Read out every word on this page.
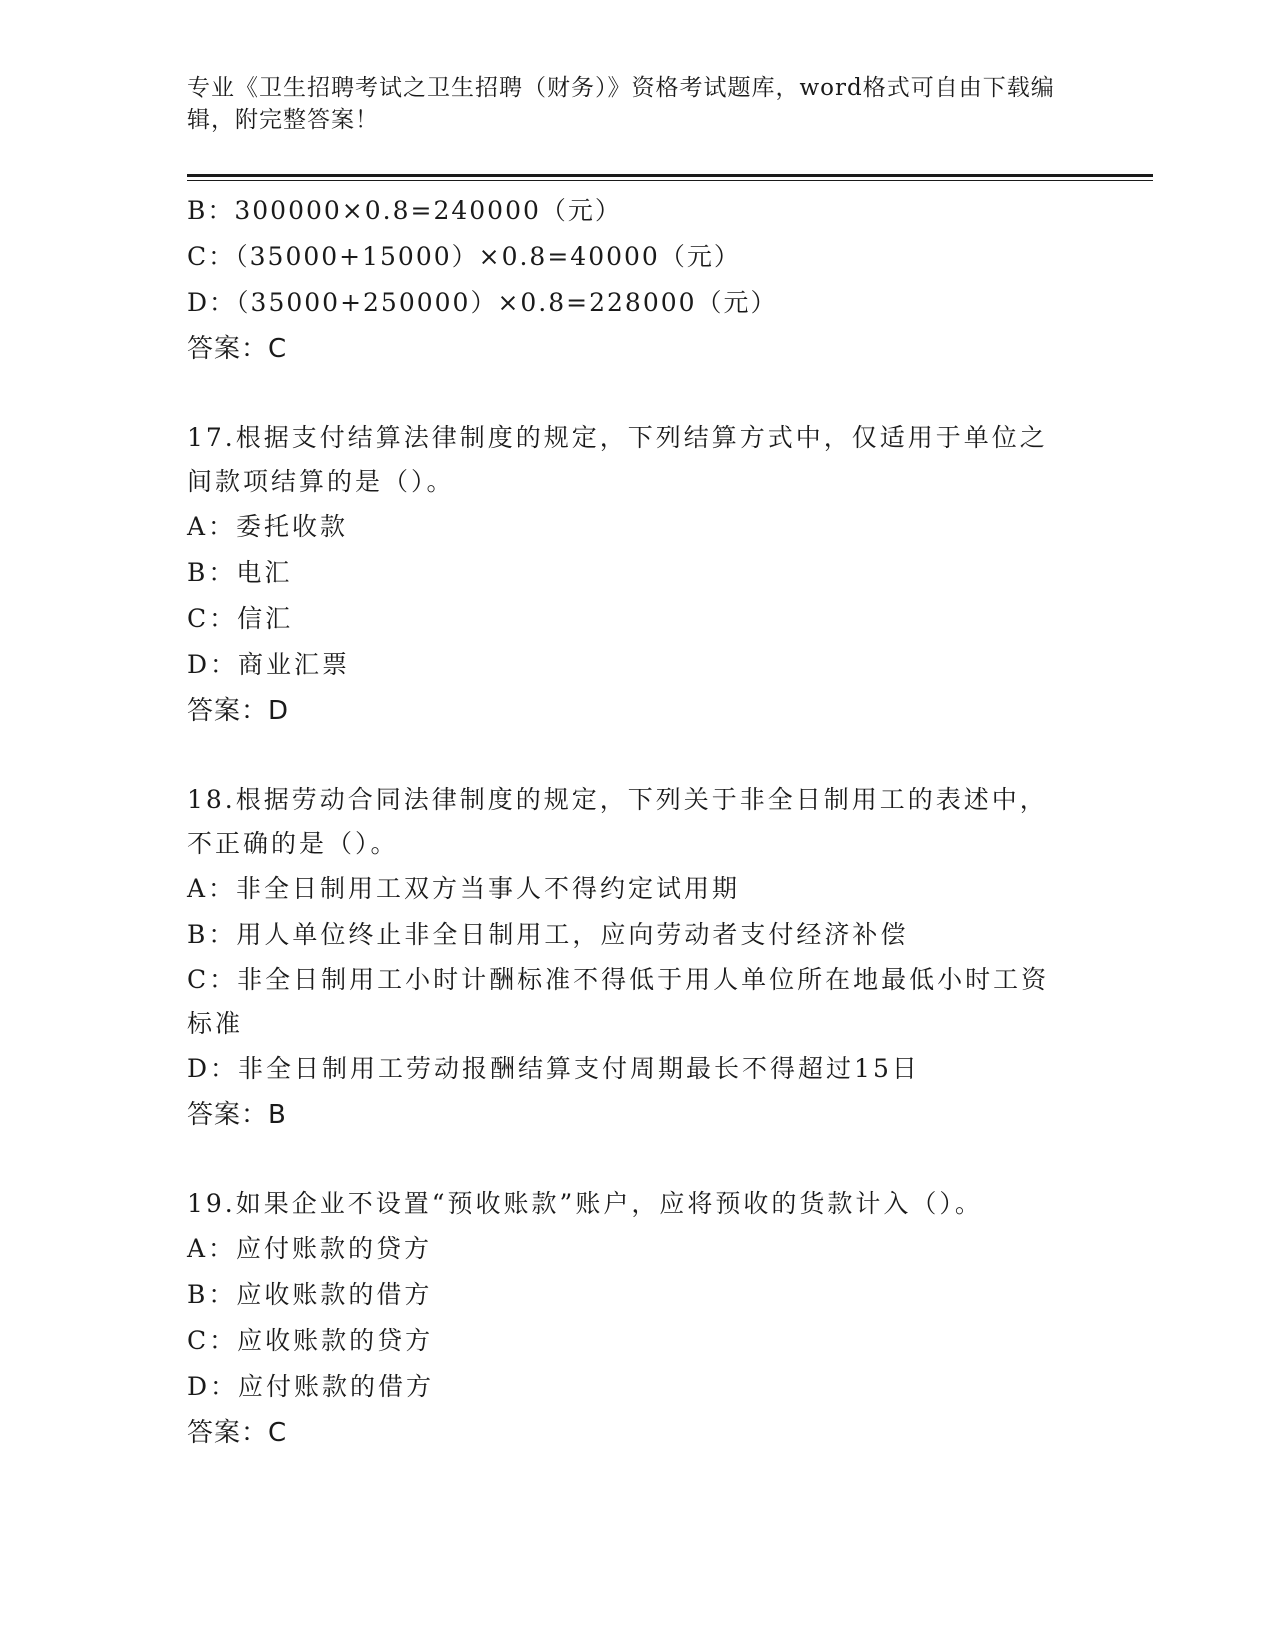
专业《卫生招聘考试之卫生招聘（财务）》资格考试题库，word格式可自由下载编辑，附完整答案！
B：300000×0.8=240000（元）
C：（35000+15000）×0.8=40000（元）
D：（35000+250000）×0.8=228000（元）
答案：C
17.根据支付结算法律制度的规定，下列结算方式中，仅适用于单位之间款项结算的是（）。
A：委托收款
B：电汇
C：信汇
D：商业汇票
答案：D
18.根据劳动合同法律制度的规定，下列关于非全日制用工的表述中，不正确的是（）。
A：非全日制用工双方当事人不得约定试用期
B：用人单位终止非全日制用工，应向劳动者支付经济补偿
C：非全日制用工小时计酬标准不得低于用人单位所在地最低小时工资标准
D：非全日制用工劳动报酬结算支付周期最长不得超过15日
答案：B
19.如果企业不设置“预收账款”账户，应将预收的货款计入（）。
A：应付账款的贷方
B：应收账款的借方
C：应收账款的贷方
D：应付账款的借方
答案：C
